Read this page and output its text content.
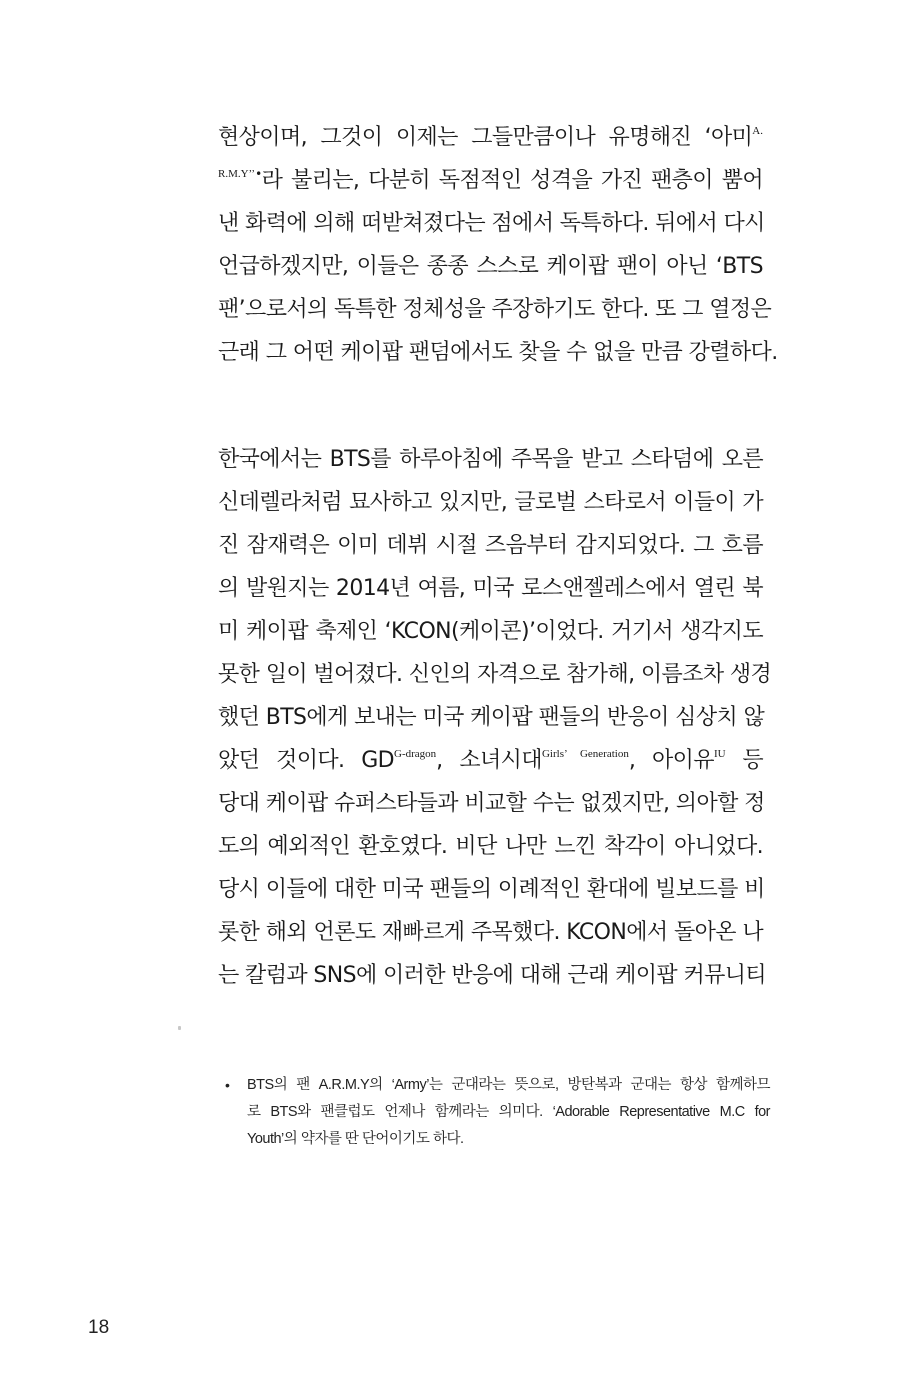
현상이며, 그것이 이제는 그들만큼이나 유명해진 ‘아미$^{A.}$
$^{R.M.Y’’•}$라 불리는, 다분히 독점적인 성격을 가진 팬층이 뿜어
낸 화력에 의해 떠받쳐졌다는 점에서 독특하다. 뒤에서 다시
언급하겠지만, 이들은 종종 스스로 케이팝 팬이 아닌 ‘BTS
팬’으로서의 독특한 정체성을 주장하기도 한다. 또 그 열정은
근래 그 어떤 케이팝 팬덤에서도 찾을 수 없을 만큼 강렬하다.
한국에서는 BTS를 하루아침에 주목을 받고 스타덤에 오른
신데렐라처럼 묘사하고 있지만, 글로벌 스타로서 이들이 가
진 잠재력은 이미 데뷔 시절 즈음부터 감지되었다. 그 흐름
의 발원지는 2014년 여름, 미국 로스앤젤레스에서 열린 북
미 케이팝 축제인 ‘KCON(케이콘)’이었다. 거기서 생각지도
못한 일이 벌어졌다. 신인의 자격으로 참가해, 이름조차 생경
했던 BTS에게 보내는 미국 케이팝 팬들의 반응이 심상치 않
았던 것이다. $GD^{G-dragon}$, 소녀시대$^{Girls’ Generation}$, 아이유$^{IU}$ 등
당대 케이팝 슈퍼스타들과 비교할 수는 없겠지만, 의아할 정
도의 예외적인 환호였다. 비단 나만 느낀 착각이 아니었다.
당시 이들에 대한 미국 팬들의 이례적인 환대에 빌보드를 비
롯한 해외 언론도 재빠르게 주목했다. KCON에서 돌아온 나
는 칼럼과 SNS에 이러한 반응에 대해 근래 케이팝 커뮤니티
• BTS의 팬 A.R.M.Y의 ‘Army’는 군대라는 뜻으로, 방탄복과 군대는 항상 함께하므
로 BTS와 팬클럽도 언제나 함께라는 의미다. ‘Adorable Representative M.C for
Youth’의 약자를 딴 단어이기도 하다.
18
